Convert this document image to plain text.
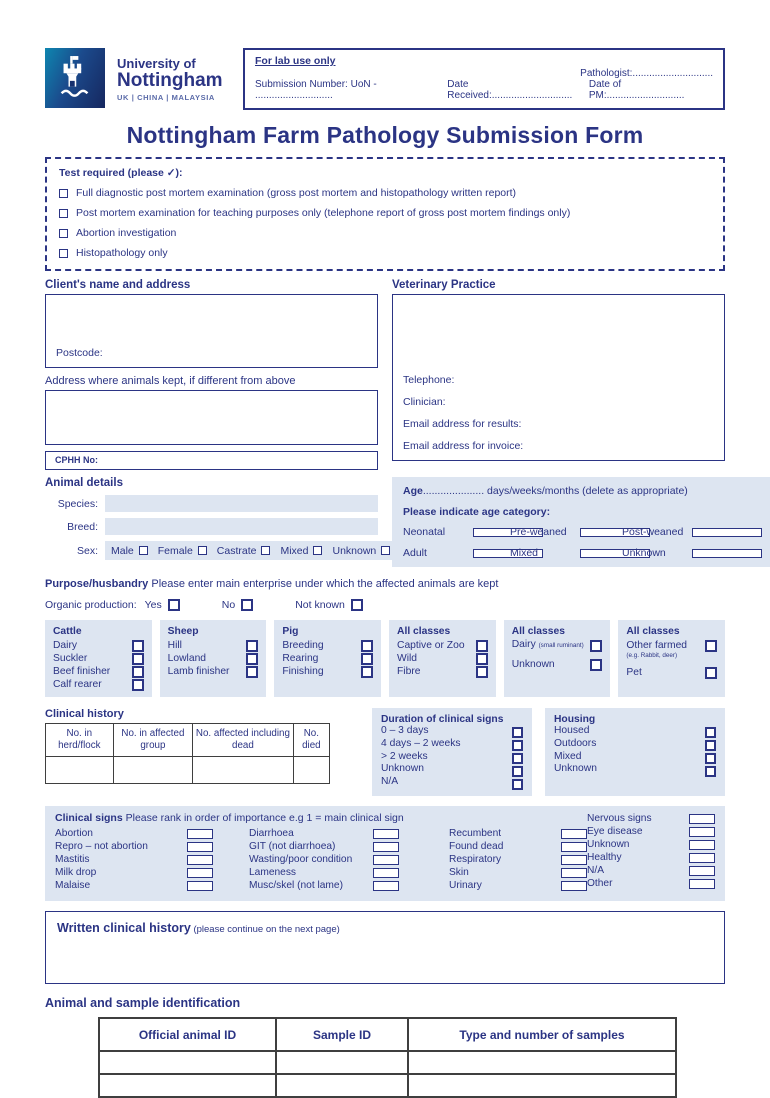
University of
Nottingham
UK | CHINA | MALAYSIA
For lab use only
Pathologist:.............................
Submission Number: UoN - ............................
Date Received:.............................
Date of PM:............................
Nottingham Farm Pathology Submission Form
Test required (please ✓):
Full diagnostic post mortem examination (gross post mortem and histopathology written report)
Post mortem examination for teaching purposes only (telephone report of gross post mortem findings only)
Abortion investigation
Histopathology only
Client's name and address
Postcode:
Address where animals kept, if different from above
CPHH No:
Veterinary Practice
Telephone:
Clinician:
Email address for results:
Email address for invoice:
Animal details
Species:
Breed:
Sex:	Male Female Castrate Mixed Unknown
Age..................... days/weeks/months (delete as appropriate)
Please indicate age category:
Neonatal	Pre-weaned	Post-weaned
Adult	Mixed	Unknown
Purpose/husbandry Please enter main enterprise under which the affected animals are kept
Organic production: Yes	No	Not known
Cattle
Dairy
Suckler
Beef finisher
Calf rearer
Sheep
Hill
Lowland
Lamb finisher
Pig
Breeding
Rearing
Finishing
All classes
Captive or Zoo
Wild
Fibre
All classes
Dairy (small ruminant)
Unknown
All classes
Other farmed
(e.g. Rabbit, deer)
Pet
Clinical history
No. in herd/flock	No. in affected group	No. affected including dead	No. died

Duration of clinical signs
0 – 3 days
4 days – 2 weeks
> 2 weeks
Unknown
N/A
Housing
Housed
Outdoors
Mixed
Unknown
Clinical signs Please rank in order of importance e.g 1 = main clinical sign
Abortion
Repro – not abortion
Mastitis
Milk drop
Malaise
Diarrhoea
GIT (not diarrhoea)
Wasting/poor condition
Lameness
Musc/skel (not lame)
Recumbent
Found dead
Respiratory
Skin
Urinary
Nervous signs
Eye disease
Unknown
Healthy
N/A
Other
Written clinical history (please continue on the next page)
Animal and sample identification
Official animal ID	Sample ID	Type and number of samples
